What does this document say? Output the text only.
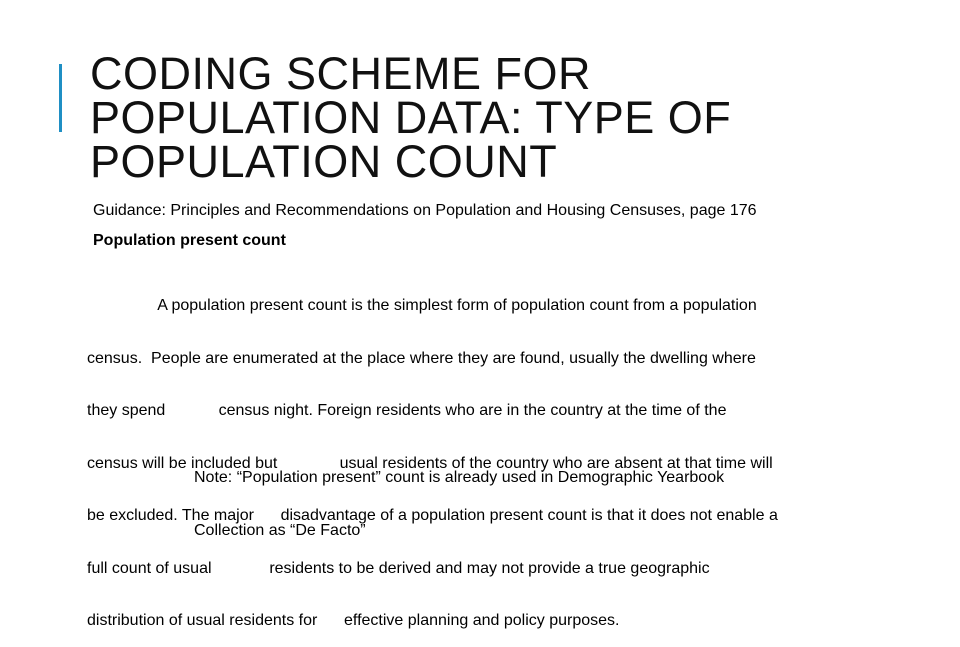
CODING SCHEME FOR
POPULATION DATA: TYPE OF
POPULATION COUNT
Guidance: Principles and Recommendations on Population and Housing Censuses, page 176
Population present count

A population present count is the simplest form of population count from a population

census.  People are enumerated at the place where they are found, usually the dwelling where

they spend            census night. Foreign residents who are in the country at the time of the

census will be included but              usual residents of the country who are absent at that time will

be excluded. The major      disadvantage of a population present count is that it does not enable a

full count of usual             residents to be derived and may not provide a true geographic

distribution of usual residents for      effective planning and policy purposes.

Note: “Population present” count is already used in Demographic Yearbook

Collection as “De Facto”
